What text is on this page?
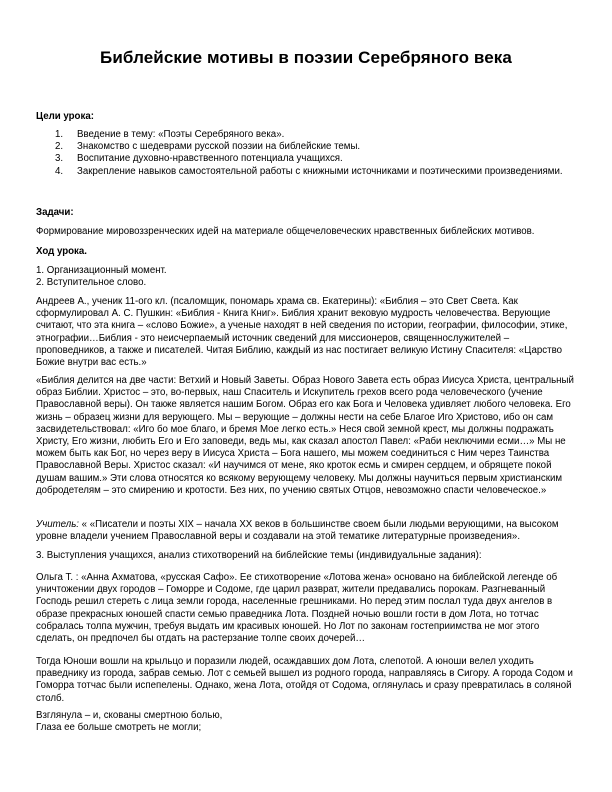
Библейские мотивы в поэзии Серебряного века

Цели урока:

1. Введение в тему: «Поэты Серебряного века».
2. Знакомство с шедеврами русской поэзии на библейские темы.
3. Воспитание духовно-нравственного потенциала учащихся.
4. Закрепление навыков самостоятельной работы с книжными источниками и поэтическими произведениями.

Задачи:

Формирование мировоззренческих идей на материале общечеловеческих нравственных библейских мотивов.

Ход урока.

1. Организационный момент.

2. Вступительное слово.

Андреев А., ученик 11-ого кл. (псаломщик, пономарь храма св. Екатерины): «Библия – это Свет Света. Как сформулировал А. С. Пушкин: «Библия - Книга Книг». Библия хранит вековую мудрость человечества. Верующие считают, что эта книга – «слово Божие», а ученые находят в ней сведения по истории, географии, философии, этике, этнографии…Библия - это неисчерпаемый источник сведений для миссионеров, священнослужителей – проповедников, а также и писателей. Читая Библию, каждый из нас постигает великую Истину Спасителя: «Царство Божие внутри вас есть.»

«Библия делится на две части: Ветхий и Новый Заветы. Образ Нового Завета есть образ Иисуса Христа, центральный образ Библии. Христос – это, во-первых, наш Спаситель и Искупитель грехов всего рода человеческого (учение Православной веры). Он также является нашим Богом. Образ его как Бога и Человека удивляет любого человека. Его жизнь – образец жизни для верующего. Мы – верующие – должны нести на себе Благое Иго Христово, ибо он сам засвидетельствовал: «Иго бо мое благо, и бремя Мое легко есть.» Неся свой земной крест, мы должны подражать Христу, Его жизни, любить Его и Его заповеди, ведь мы, как сказал апостол Павел: «Раби неключими есми…» Мы не можем быть как Бог, но через веру в Иисуса Христа – Бога нашего, мы можем соединиться с Ним через Таинства Православной Веры. Христос сказал: «И научимся от мене, яко кроток есмь и смирен сердцем, и обрящете покой душам вашим.» Эти слова относятся ко всякому верующему человеку. Мы должны научиться первым христианским добродетелям – это смирению и кротости. Без них, по учению святых Отцов, невозможно спасти человеческое.»

Учитель: « «Писатели и поэты XIX – начала XX веков в большинстве своем были людьми верующими, на высоком уровне владели учением Православной веры и создавали на этой тематике литературные произведения».

3. Выступления учащихся, анализ стихотворений на библейские темы (индивидуальные задания):

Ольга Т. : «Анна Ахматова, «русская Сафо». Ее стихотворение «Лотова жена» основано на библейской легенде об уничтожении двух городов – Гоморре и Содоме, где царил разврат, жители предавались порокам. Разгневанный Господь решил стереть с лица земли города, населенные грешниками. Но перед этим послал туда двух ангелов в образе прекрасных юношей спасти семью праведника Лота. Поздней ночью вошли гости в дом Лота, но тотчас собралась толпа мужчин, требуя выдать им красивых юношей. Но Лот по законам гостеприимства не мог этого сделать, он предпочел бы отдать на растерзание толпе своих дочерей…

Тогда Юноши вошли на крыльцо и поразили людей, осаждавших дом Лота, слепотой. А юноши велел уходить праведнику из города, забрав семью. Лот с семьей вышел из родного города, направляясь в Сигору. А города Содом и Гоморра тотчас были испепелены. Однако, жена Лота, отойдя от Содома, оглянулась и сразу превратилась в соляной столб.

Взглянула – и, скованы смертною болью,

Глаза ее больше смотреть не могли;
